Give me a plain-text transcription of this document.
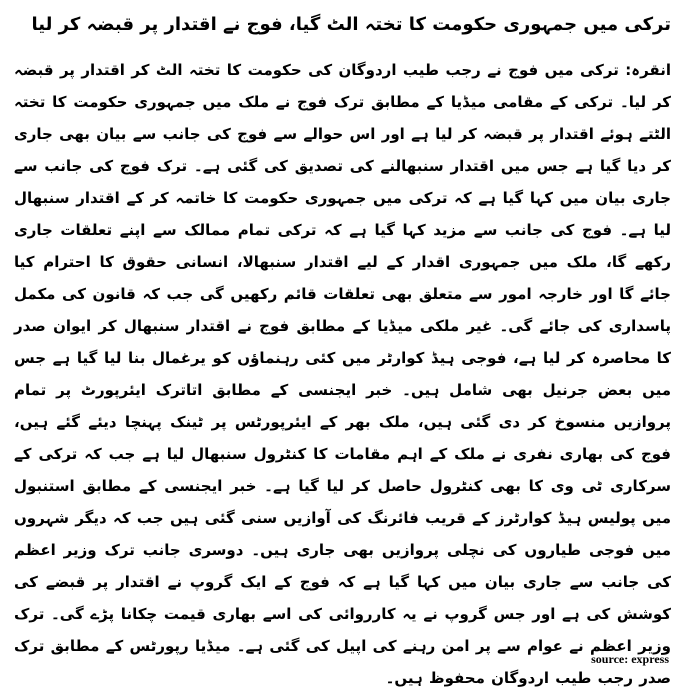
ترکی میں جمہوری حکومت کا تختہ الٹ گیا، فوج نے اقتدار پر قبضہ کر لیا

انقرہ: ترکی میں فوج نے رجب طیب اردوگان کی حکومت کا تختہ الٹ کر اقتدار پر قبضہ کر لیا۔ ترکی کے مقامی میڈیا کے مطابق ترک فوج نے ملک میں جمہوری حکومت کا تختہ الٹتے ہوئے اقتدار پر قبضہ کر لیا ہے اور اس حوالے سے فوج کی جانب سے بیان بھی جاری کر دیا گیا ہے جس میں اقتدار سنبھالنے کی تصدیق کی گئی ہے۔ ترک فوج کی جانب سے جاری بیان میں کہا گیا ہے کہ ترکی میں جمہوری حکومت کا خاتمہ کر کے اقتدار سنبھال لیا ہے۔ فوج کی جانب سے مزید کہا گیا ہے کہ ترکی تمام ممالک سے اپنے تعلقات جاری رکھے گا، ملک میں جمہوری اقدار کے لیے اقتدار سنبھالا، انسانی حقوق کا احترام کیا جائے گا اور خارجہ امور سے متعلق بھی تعلقات قائم رکھیں گی جب کہ قانون کی مکمل پاسداری کی جائے گی۔ غیر ملکی میڈیا کے مطابق فوج نے اقتدار سنبھال کر ایوان صدر کا محاصرہ کر لیا ہے، فوجی ہیڈ کوارٹر میں کئی رہنماؤں کو یرغمال بنا لیا گیا ہے جس میں بعض جرنیل بھی شامل ہیں۔ خبر ایجنسی کے مطابق اتاترک ایئرپورٹ پر تمام پروازیں منسوخ کر دی گئی ہیں، ملک بھر کے ایئرپورٹس پر ٹینک پہنچا دیئے گئے ہیں، فوج کی بھاری نفری نے ملک کے اہم مقامات کا کنٹرول سنبھال لیا ہے جب کہ ترکی کے سرکاری ٹی وی کا بھی کنٹرول حاصل کر لیا گیا ہے۔ خبر ایجنسی کے مطابق استنبول میں پولیس ہیڈ کوارٹرز کے قریب فائرنگ کی آوازیں سنی گئی ہیں جب کہ دیگر شہروں میں فوجی طیاروں کی نچلی پروازیں بھی جاری ہیں۔ دوسری جانب ترک وزیر اعظم کی جانب سے جاری بیان میں کہا گیا ہے کہ فوج کے ایک گروپ نے اقتدار پر قبضے کی کوشش کی ہے اور جس گروپ نے یہ کارروائی کی اسے بھاری قیمت چکانا پڑے گی۔ ترک وزیر اعظم نے عوام سے پر امن رہنے کی اپیل کی گئی ہے۔ میڈیا رپورٹس کے مطابق ترک صدر رجب طیب اردوگان محفوظ ہیں۔

source: express
